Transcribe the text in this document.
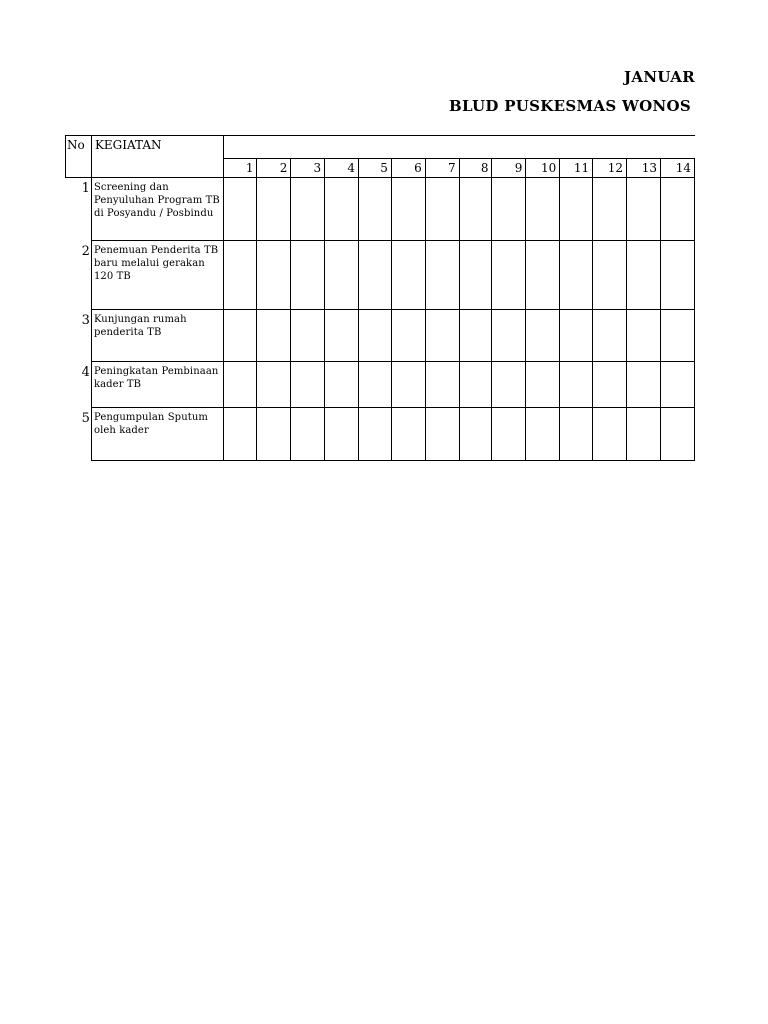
JANUAR
BLUD PUSKESMAS WONOS
No	KEGIATAN														
		1	2	3	4	5	6	7	8	9	10	11	12	13	14
1	Screening dan Penyuluhan Program TB di Posyandu / Posbindu														
2	Penemuan Penderita TB baru melalui gerakan 120 TB														
3	Kunjungan rumah penderita TB														
4	Peningkatan Pembinaan kader TB														
5	Pengumpulan Sputum oleh kader														
